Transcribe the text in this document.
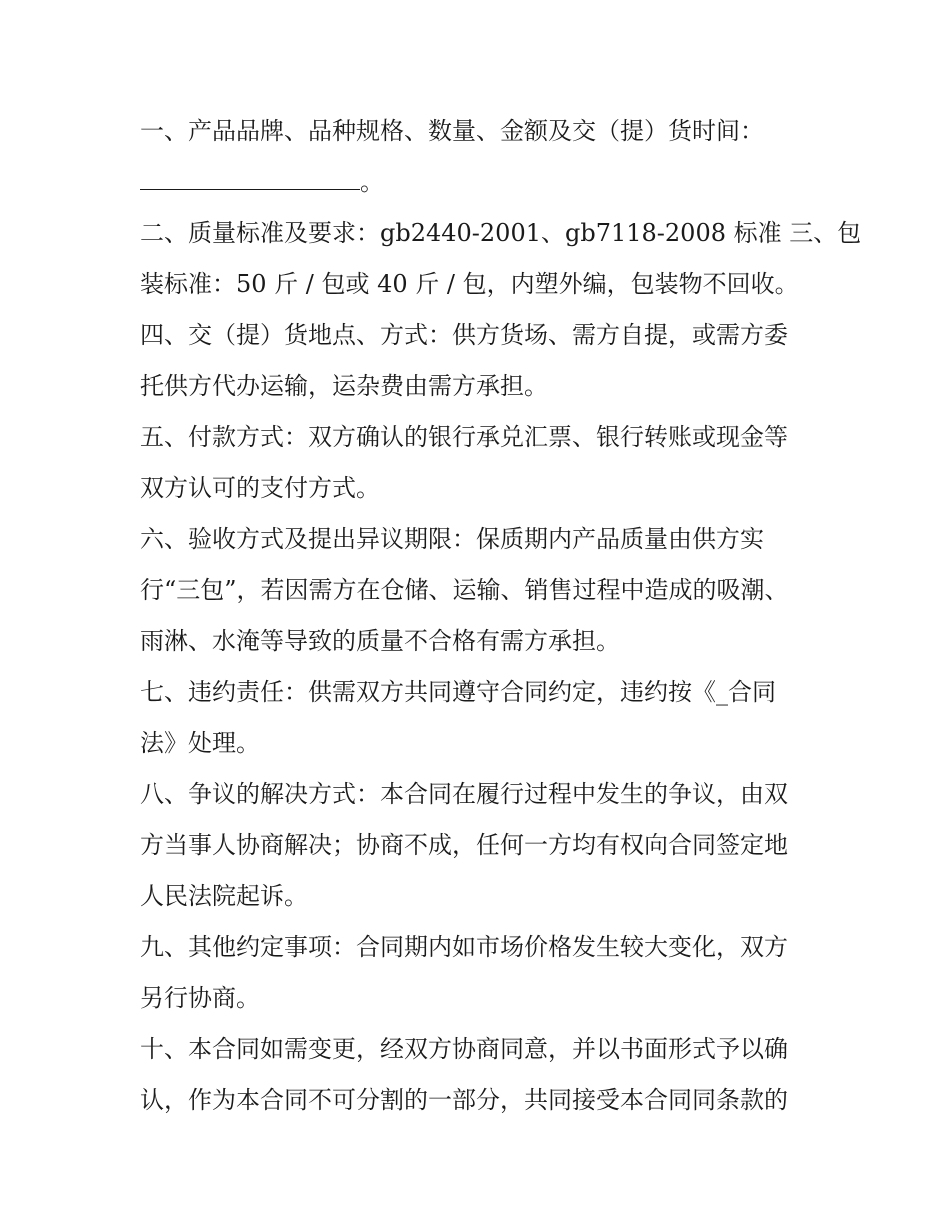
一、产品品牌、品种规格、数量、金额及交（提）货时间：
。
二、质量标准及要求：gb2440-2001、gb7118-2008 标准 三、包
装标准：50 斤 / 包或 40 斤 / 包，内塑外编，包装物不回收。
四、交（提）货地点、方式：供方货场、需方自提，或需方委
托供方代办运输，运杂费由需方承担。
五、付款方式：双方确认的银行承兑汇票、银行转账或现金等
双方认可的支付方式。
六、验收方式及提出异议期限：保质期内产品质量由供方实
行“三包”，若因需方在仓储、运输、销售过程中造成的吸潮、
雨淋、水淹等导致的质量不合格有需方承担。
七、违约责任：供需双方共同遵守合同约定，违约按《_合同
法》处理。
八、争议的解决方式：本合同在履行过程中发生的争议，由双
方当事人协商解决；协商不成，任何一方均有权向合同签定地
人民法院起诉。
九、其他约定事项：合同期内如市场价格发生较大变化，双方
另行协商。
十、本合同如需变更，经双方协商同意，并以书面形式予以确
认，作为本合同不可分割的一部分，共同接受本合同同条款的
